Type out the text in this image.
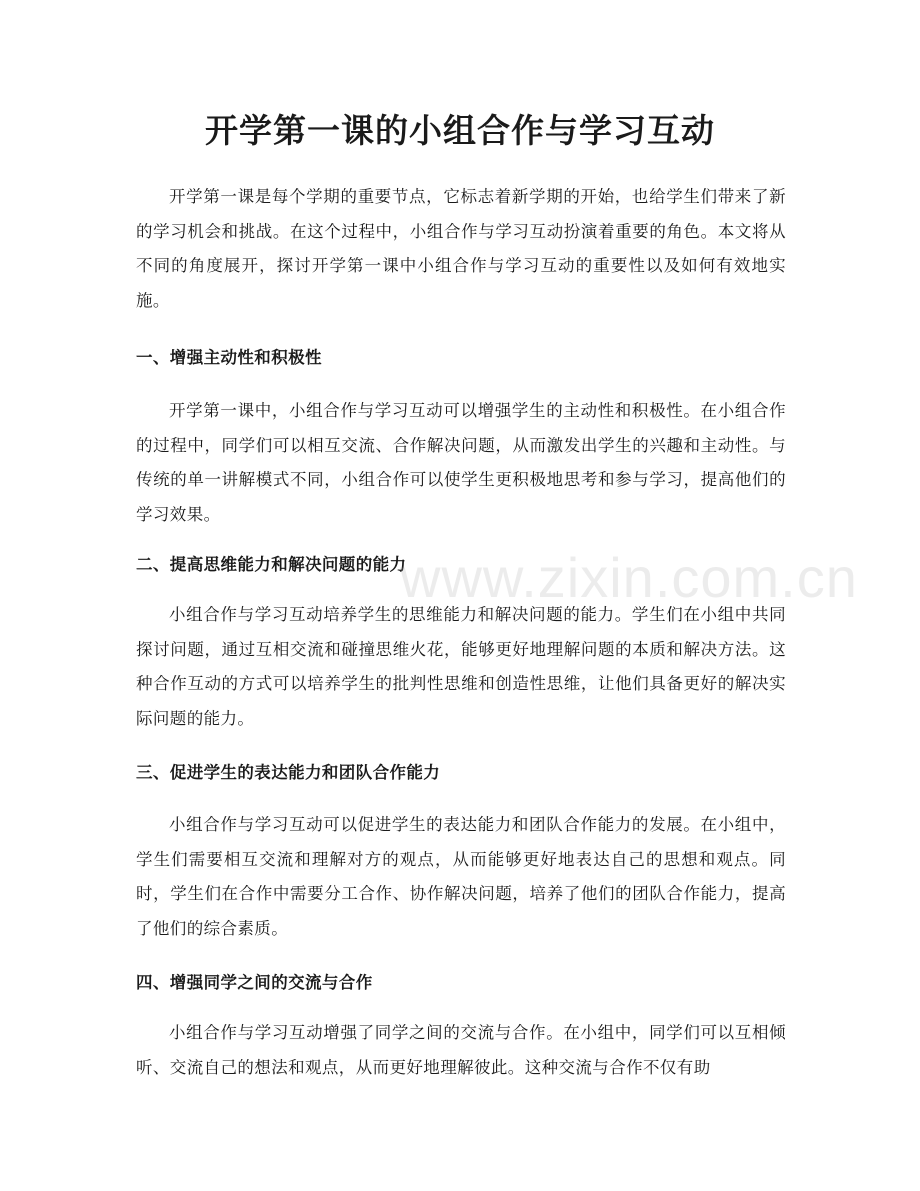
开学第一课的小组合作与学习互动

开学第一课是每个学期的重要节点，它标志着新学期的开始，也给学生们带来了新的学习机会和挑战。在这个过程中，小组合作与学习互动扮演着重要的角色。本文将从不同的角度展开，探讨开学第一课中小组合作与学习互动的重要性以及如何有效地实施。

一、增强主动性和积极性

开学第一课中，小组合作与学习互动可以增强学生的主动性和积极性。在小组合作的过程中，同学们可以相互交流、合作解决问题，从而激发出学生的兴趣和主动性。与传统的单一讲解模式不同，小组合作可以使学生更积极地思考和参与学习，提高他们的学习效果。

二、提高思维能力和解决问题的能力

小组合作与学习互动培养学生的思维能力和解决问题的能力。学生们在小组中共同探讨问题，通过互相交流和碰撞思维火花，能够更好地理解问题的本质和解决方法。这种合作互动的方式可以培养学生的批判性思维和创造性思维，让他们具备更好的解决实际问题的能力。

三、促进学生的表达能力和团队合作能力

小组合作与学习互动可以促进学生的表达能力和团队合作能力的发展。在小组中，学生们需要相互交流和理解对方的观点，从而能够更好地表达自己的思想和观点。同时，学生们在合作中需要分工合作、协作解决问题，培养了他们的团队合作能力，提高了他们的综合素质。

四、增强同学之间的交流与合作

小组合作与学习互动增强了同学之间的交流与合作。在小组中，同学们可以互相倾听、交流自己的想法和观点，从而更好地理解彼此。这种交流与合作不仅有助

www.zixin.com.cn
